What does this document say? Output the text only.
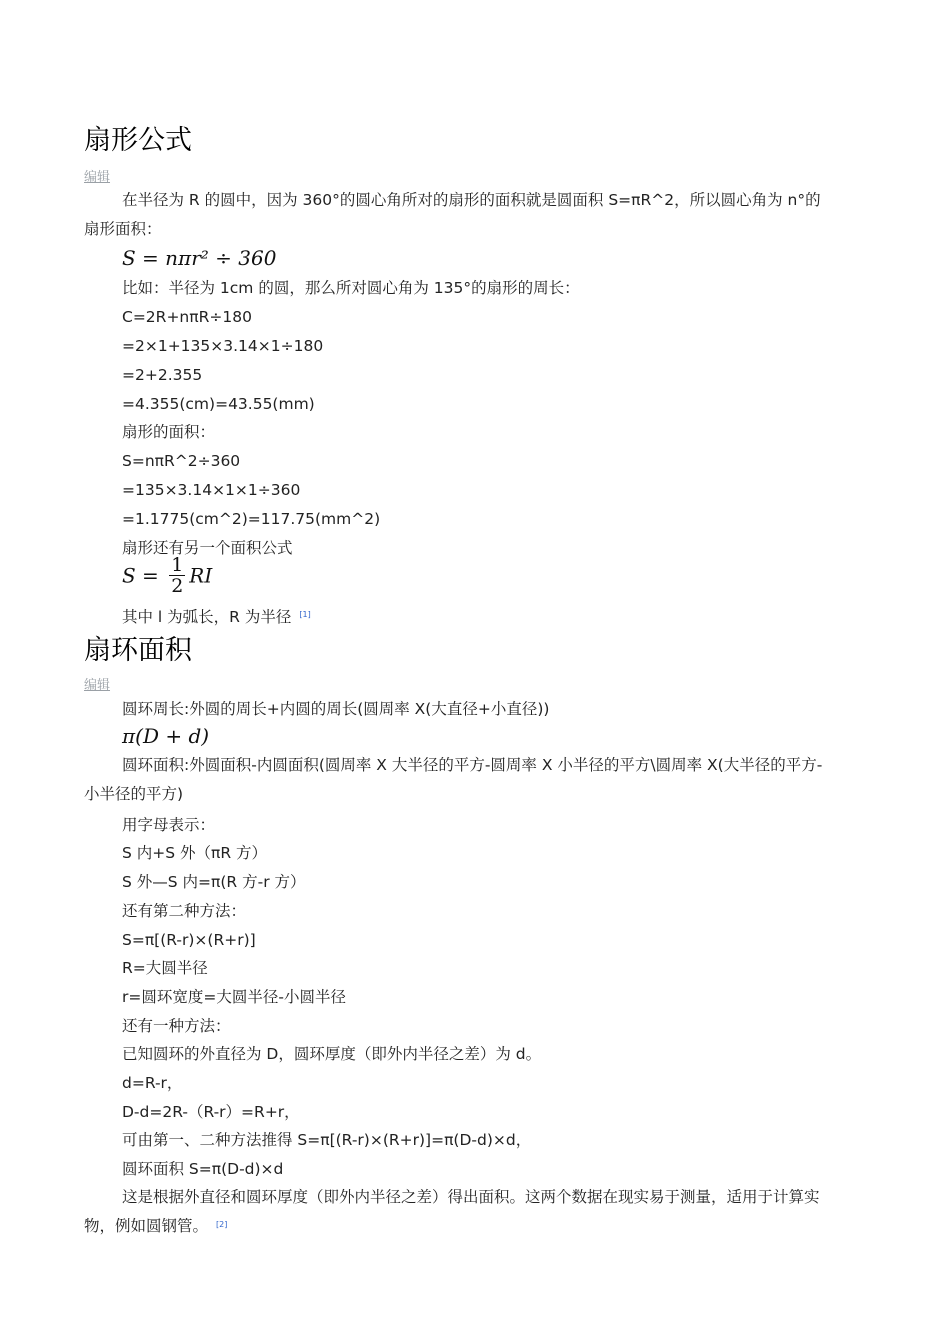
扇形公式
编辑
在半径为 R 的圆中，因为 360°的圆心角所对的扇形的面积就是圆面积 S=πR^2，所以圆心角为 n°的扇形面积：
S = nπr² ÷ 360
比如：半径为 1cm 的圆，那么所对圆心角为 135°的扇形的周长：
C=2R+nπR÷180
=2×1+135×3.14×1÷180
=2+2.355
=4.355(cm)=43.55(mm)
扇形的面积：
S=nπR^2÷360
=135×3.14×1×1÷360
=1.1775(cm^2)=117.75(mm^2)
扇形还有另一个面积公式
$S = \frac{1}{2}$ RI
其中 l 为弧长，R 为半径 [1]
扇环面积
编辑
圆环周长:外圆的周长+内圆的周长(圆周率 X(大直径+小直径))
π(D + d)
圆环面积:外圆面积-内圆面积(圆周率 X 大半径的平方-圆周率 X 小半径的平方\圆周率 X(大半径的平方-小半径的平方)
用字母表示：
S 内+S 外（πR 方）
S 外—S 内=π(R 方-r 方）
还有第二种方法：
S=π[(R-r)×(R+r)]
R=大圆半径
r=圆环宽度=大圆半径-小圆半径
还有一种方法：
已知圆环的外直径为 D，圆环厚度（即外内半径之差）为 d。
d=R-r，
D-d=2R-（R-r）=R+r，
可由第一、二种方法推得 S=π[(R-r)×(R+r)]=π(D-d)×d，
圆环面积 S=π(D-d)×d
这是根据外直径和圆环厚度（即外内半径之差）得出面积。这两个数据在现实易于测量，适用于计算实物，例如圆钢管。 [2]
